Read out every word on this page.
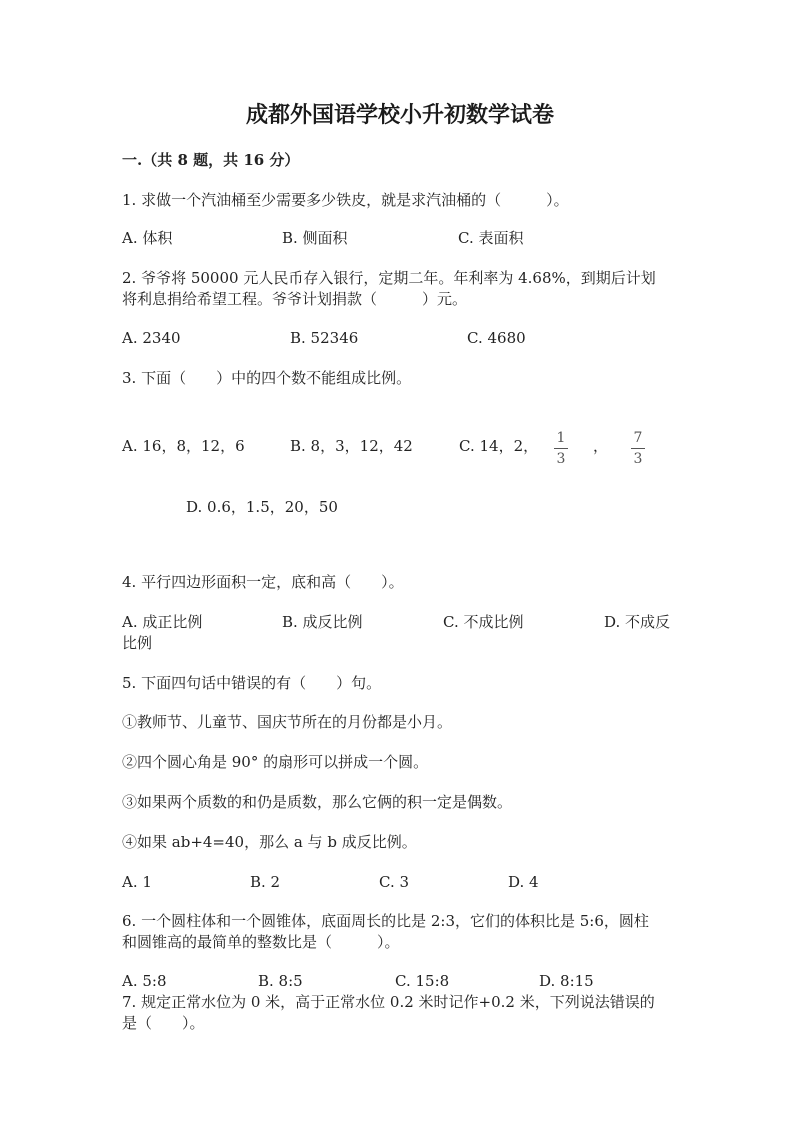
成都外国语学校小升初数学试卷
一.（共 8 题，共 16 分）
1. 求做一个汽油桶至少需要多少铁皮，就是求汽油桶的（　　　）。
A. 体积	B. 侧面积	C. 表面积
2. 爷爷将 50000 元人民币存入银行，定期二年。年利率为 4.68%，到期后计划
将利息捐给希望工程。爷爷计划捐款（　　　）元。
A. 2340	B. 52346	C. 4680
3. 下面（　　）中的四个数不能组成比例。
A. 16，8，12，6	B. 8，3，12，42	C. 14，2， 1
3
， 7
3
D. 0.6，1.5，20，50
4. 平行四边形面积一定，底和高（　　）。
A. 成正比例	B. 成反比例	C. 不成比例	D. 不成反
比例
5. 下面四句话中错误的有（　　）句。
①教师节、儿童节、国庆节所在的月份都是小月。
②四个圆心角是 90° 的扇形可以拼成一个圆。
③如果两个质数的和仍是质数，那么它俩的积一定是偶数。
④如果 ab+4=40，那么 a 与 b 成反比例。
A. 1	B. 2	C. 3	D. 4
6. 一个圆柱体和一个圆锥体，底面周长的比是 2:3，它们的体积比是 5:6，圆柱
和圆锥高的最简单的整数比是（　　　）。
A. 5:8	B. 8:5	C. 15:8	D. 8:15
7. 规定正常水位为 0 米，高于正常水位 0.2 米时记作+0.2 米，下列说法错误的
是（　　）。
